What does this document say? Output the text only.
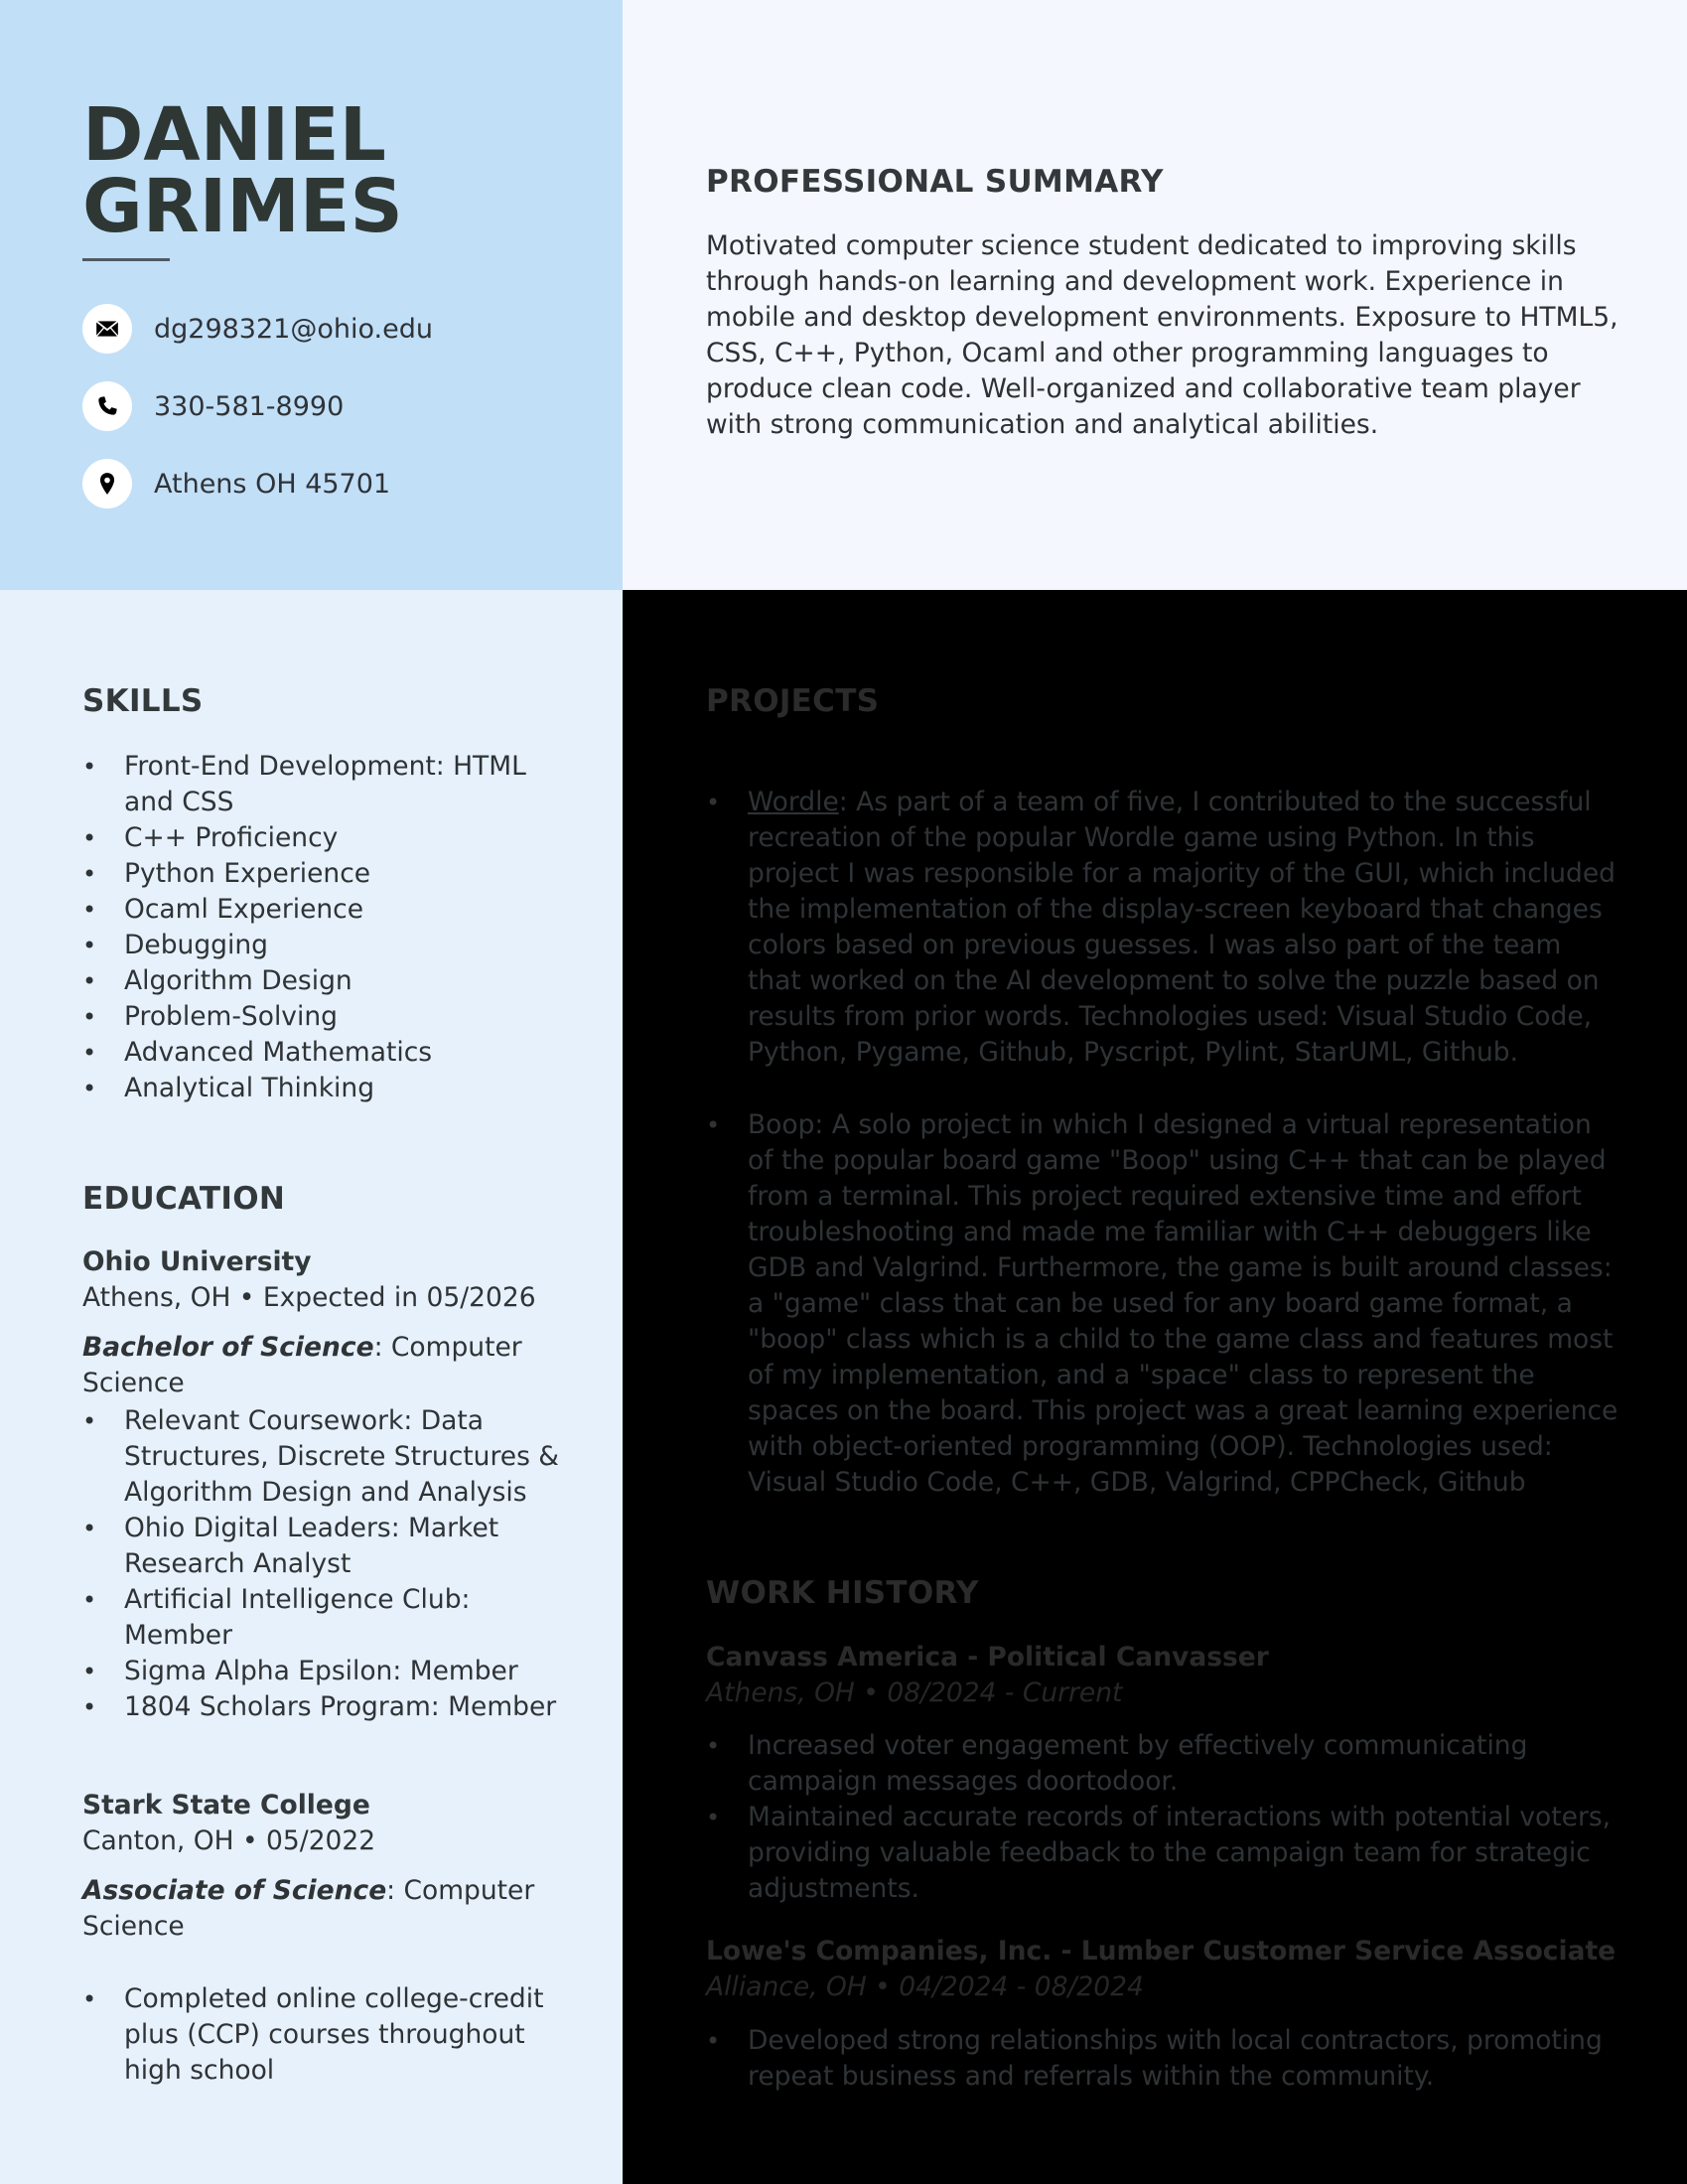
DANIEL
GRIMES
dg298321@ohio.edu
330-581-8990
Athens OH 45701
PROFESSIONAL SUMMARY

Motivated computer science student dedicated to improving skills through hands-on learning and development work. Experience in mobile and desktop development environments. Exposure to HTML5, CSS, C++, Python, Ocaml and other programming languages to produce clean code. Well-organized and collaborative team player with strong communication and analytical abilities.

SKILLS
• Front-End Development: HTML and CSS
• C++ Proficiency
• Python Experience
• Ocaml Experience
• Debugging
• Algorithm Design
• Problem-Solving
• Advanced Mathematics
• Analytical Thinking
EDUCATION
Ohio University
Athens, OH • Expected in 05/2026
Bachelor of Science: Computer Science
• Relevant Coursework: Data Structures, Discrete Structures & Algorithm Design and Analysis
• Ohio Digital Leaders: Market Research Analyst
• Artificial Intelligence Club: Member
• Sigma Alpha Epsilon: Member
• 1804 Scholars Program: Member
Stark State College
Canton, OH • 05/2022
Associate of Science: Computer Science
• Completed online college-credit plus (CCP) courses throughout high school
PROJECTS
• Wordle: As part of a team of five, I contributed to the successful recreation of the popular Wordle game using Python. In this project I was responsible for a majority of the GUI, which included the implementation of the display-screen keyboard that changes colors based on previous guesses. I was also part of the team that worked on the AI development to solve the puzzle based on results from prior words. Technologies used: Visual Studio Code, Python, Pygame, Github, Pyscript, Pylint, StarUML, Github.
• Boop: A solo project in which I designed a virtual representation of the popular board game "Boop" using C++ that can be played from a terminal. This project required extensive time and effort troubleshooting and made me familiar with C++ debuggers like GDB and Valgrind. Furthermore, the game is built around classes: a "game" class that can be used for any board game format, a "boop" class which is a child to the game class and features most of my implementation, and a "space" class to represent the spaces on the board. This project was a great learning experience with object-oriented programming (OOP). Technologies used: Visual Studio Code, C++, GDB, Valgrind, CPPCheck, Github
WORK HISTORY
Canvass America - Political Canvasser
Athens, OH • 08/2024 - Current
• Increased voter engagement by effectively communicating campaign messages doortodoor.
• Maintained accurate records of interactions with potential voters, providing valuable feedback to the campaign team for strategic adjustments.
Lowe's Companies, Inc. - Lumber Customer Service Associate
Alliance, OH • 04/2024 - 08/2024
• Developed strong relationships with local contractors, promoting repeat business and referrals within the community.
